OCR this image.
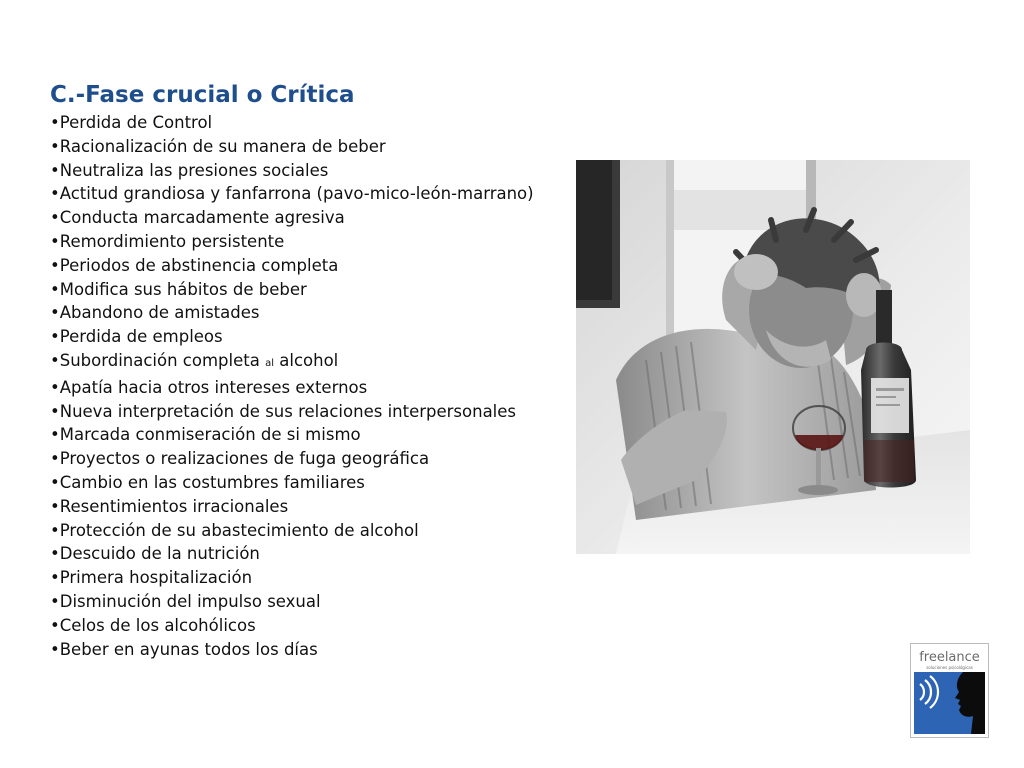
C.-Fase crucial o Crítica
•Perdida de Control
•Racionalización de su manera de beber
•Neutraliza las presiones sociales
•Actitud grandiosa y fanfarrona (pavo-mico-león-marrano)
•Conducta marcadamente agresiva
•Remordimiento persistente
•Periodos de abstinencia completa
•Modifica sus hábitos de beber
•Abandono de amistades
•Perdida de empleos
•Subordinación completa al alcohol
•Apatía hacia otros intereses externos
•Nueva interpretación de sus relaciones interpersonales
•Marcada conmiseración de si mismo
•Proyectos o realizaciones de fuga geográfica
•Cambio en las costumbres familiares
•Resentimientos irracionales
•Protección de su abastecimiento de alcohol
•Descuido de la nutrición
•Primera hospitalización
•Disminución del impulso sexual
•Celos de los alcohólicos
•Beber en ayunas todos los días	freelance
soluciones psicológicas
